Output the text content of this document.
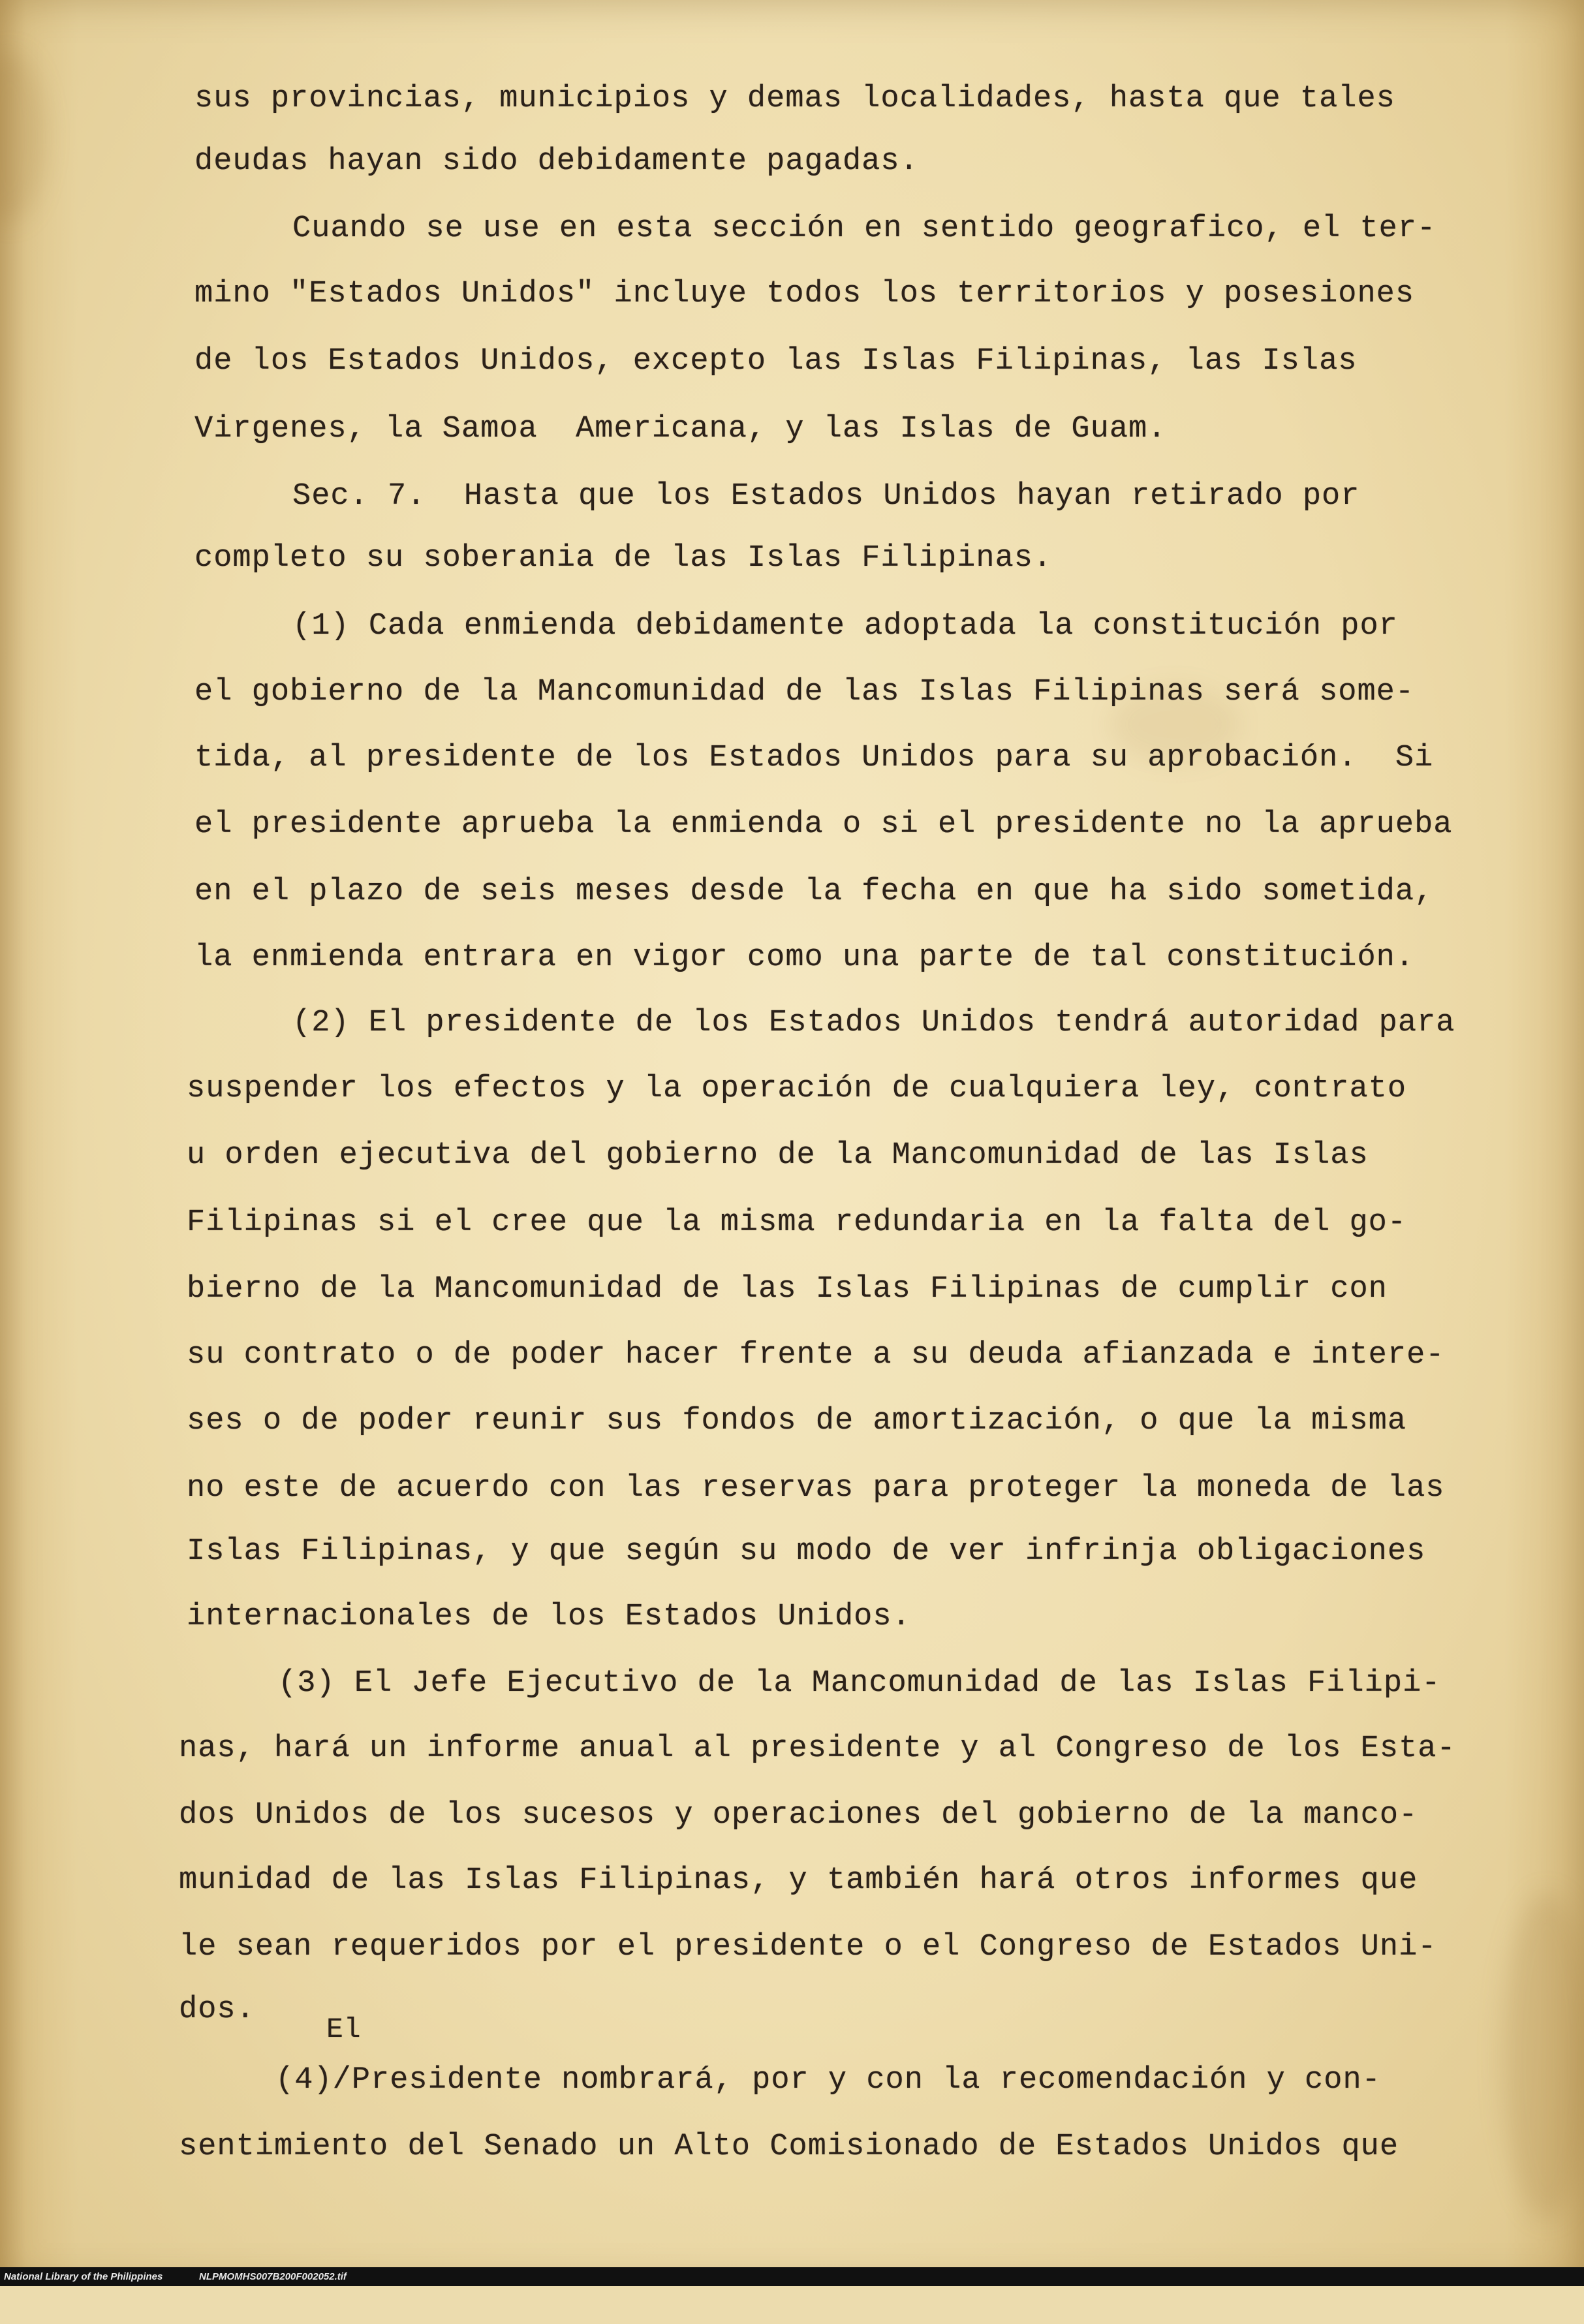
sus provincias, municipios y demas localidades, hasta que tales
deudas hayan sido debidamente pagadas.
Cuando se use en esta sección en sentido geografico, el ter-
mino "Estados Unidos" incluye todos los territorios y posesiones
de los Estados Unidos, excepto las Islas Filipinas, las Islas
Virgenes, la Samoa  Americana, y las Islas de Guam.
Sec. 7.  Hasta que los Estados Unidos hayan retirado por
completo su soberania de las Islas Filipinas.
(1) Cada enmienda debidamente adoptada la constitución por
el gobierno de la Mancomunidad de las Islas Filipinas será some-
tida, al presidente de los Estados Unidos para su aprobación.  Si
el presidente aprueba la enmienda o si el presidente no la aprueba
en el plazo de seis meses desde la fecha en que ha sido sometida,
la enmienda entrara en vigor como una parte de tal constitución.
(2) El presidente de los Estados Unidos tendrá autoridad para
suspender los efectos y la operación de cualquiera ley, contrato
u orden ejecutiva del gobierno de la Mancomunidad de las Islas
Filipinas si el cree que la misma redundaria en la falta del go-
bierno de la Mancomunidad de las Islas Filipinas de cumplir con
su contrato o de poder hacer frente a su deuda afianzada e intere-
ses o de poder reunir sus fondos de amortización, o que la misma
no este de acuerdo con las reservas para proteger la moneda de las
Islas Filipinas, y que según su modo de ver infrinja obligaciones
internacionales de los Estados Unidos.
(3) El Jefe Ejecutivo de la Mancomunidad de las Islas Filipi-
nas, hará un informe anual al presidente y al Congreso de los Esta-
dos Unidos de los sucesos y operaciones del gobierno de la manco-
munidad de las Islas Filipinas, y también hará otros informes que
le sean requeridos por el presidente o el Congreso de Estados Uni-
dos.
El
(4)/Presidente nombrará, por y con la recomendación y con-
sentimiento del Senado un Alto Comisionado de Estados Unidos que

National Library of the Philippines

	NLPMOMHS007B200F002052.tif
